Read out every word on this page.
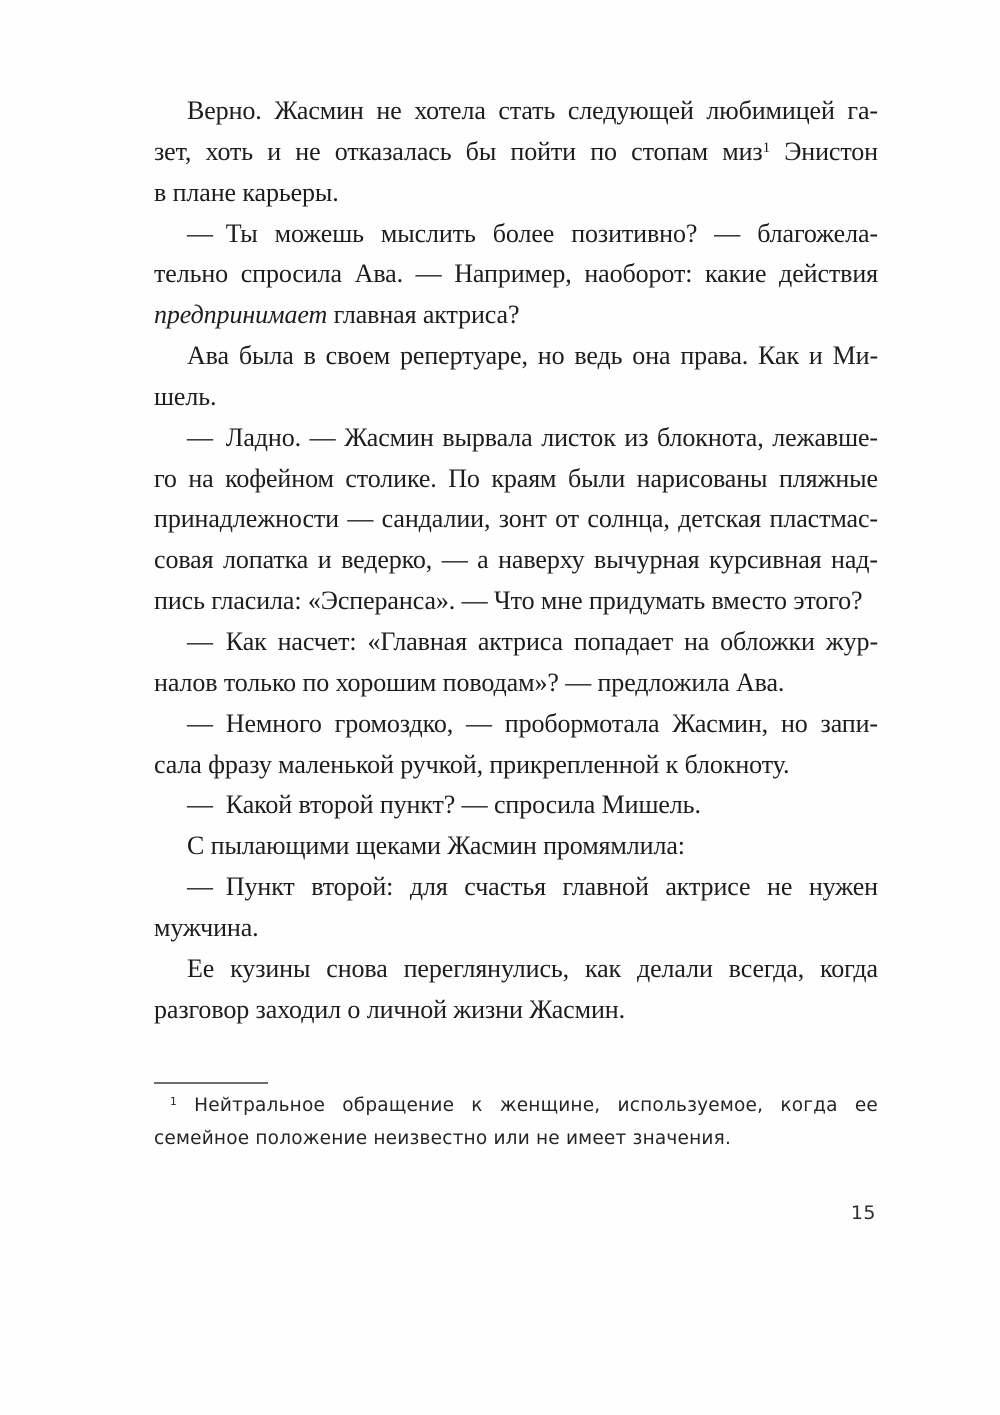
Верно. Жасмин не хотела стать следующей любимицей га-
зет, хоть и не отказалась бы пойти по стопам миз$^1$ Энистон
в плане карьеры.
— Ты можешь мыслить более позитивно? — благожела-
тельно спросила Ава. — Например, наоборот: какие действия
предпринимает главная актриса?
Ава была в своем репертуаре, но ведь она права. Как и Ми-
шель.
— Ладно. — Жасмин вырвала листок из блокнота, лежавше-
го на кофейном столике. По краям были нарисованы пляжные
принадлежности — сандалии, зонт от солнца, детская пластмас-
совая лопатка и ведерко, — а наверху вычурная курсивная над-
пись гласила: «Эсперанса». — Что мне придумать вместо этого?
— Как насчет: «Главная актриса попадает на обложки жур-
налов только по хорошим поводам»? — предложила Ава.
— Немного громоздко, — пробормотала Жасмин, но запи-
сала фразу маленькой ручкой, прикрепленной к блокноту.
— Какой второй пункт? — спросила Мишель.
С пылающими щеками Жасмин промямлила:
— Пункт второй: для счастья главной актрисе не нужен
мужчина.
Ее кузины снова переглянулись, как делали всегда, когда
разговор заходил о личной жизни Жасмин.
$^1$ Нейтральное обращение к женщине, используемое, когда ее
семейное положение неизвестно или не имеет значения.
15
